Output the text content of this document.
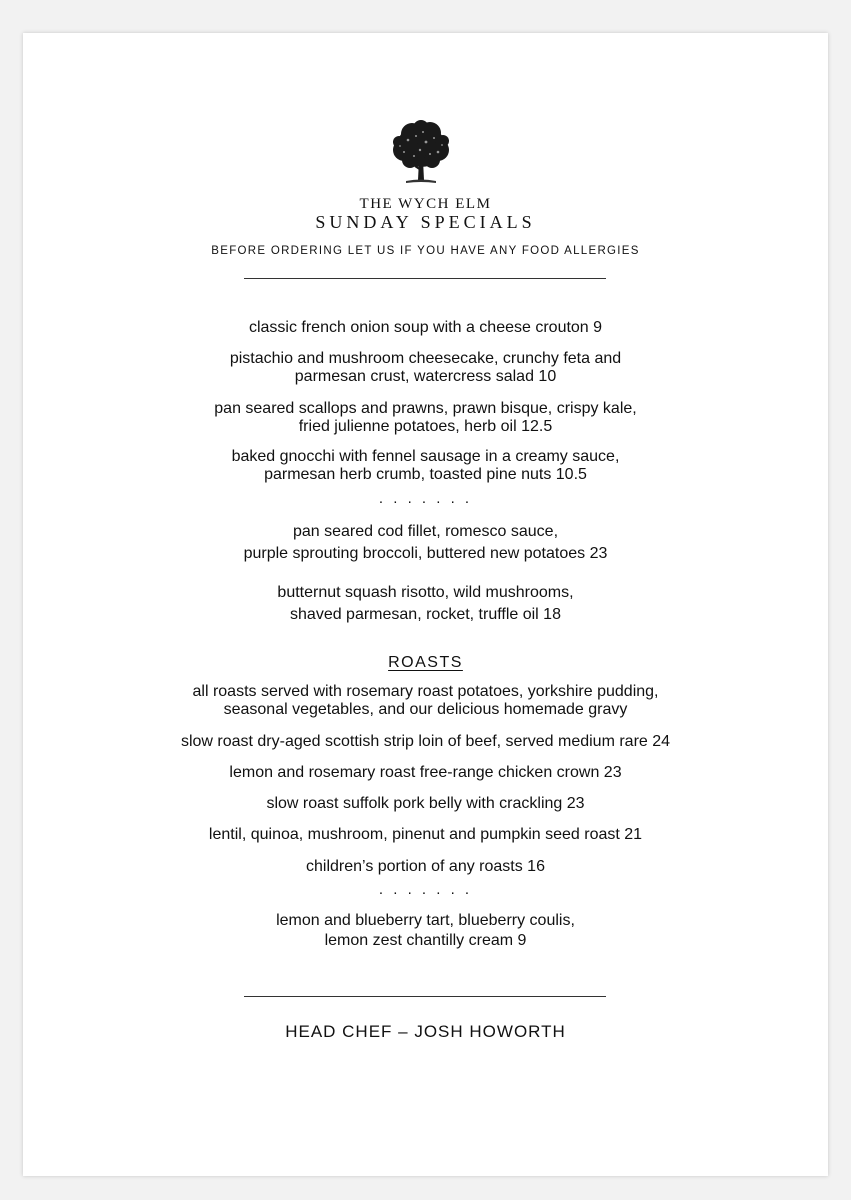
THE WYCH ELM
SUNDAY SPECIALS
BEFORE ORDERING LET US IF YOU HAVE ANY FOOD ALLERGIES
classic french onion soup with a cheese crouton 9
pistachio and mushroom cheesecake, crunchy feta and
parmesan crust, watercress salad 10
pan seared scallops and prawns, prawn bisque, crispy kale,
fried julienne potatoes, herb oil 12.5
baked gnocchi with fennel sausage in a creamy sauce,
parmesan herb crumb, toasted pine nuts 10.5
. . . . . . .
pan seared cod fillet, romesco sauce,
purple sprouting broccoli, buttered new potatoes 23
butternut squash risotto, wild mushrooms,
shaved parmesan, rocket, truffle oil 18
ROASTS
all roasts served with rosemary roast potatoes, yorkshire pudding,
seasonal vegetables, and our delicious homemade gravy
slow roast dry-aged scottish strip loin of beef, served medium rare 24
lemon and rosemary roast free-range chicken crown 23
slow roast suffolk pork belly with crackling 23
lentil, quinoa, mushroom, pinenut and pumpkin seed roast 21
children’s portion of any roasts 16
. . . . . . .
lemon and blueberry tart, blueberry coulis,
lemon zest chantilly cream 9
HEAD CHEF – JOSH HOWORTH
